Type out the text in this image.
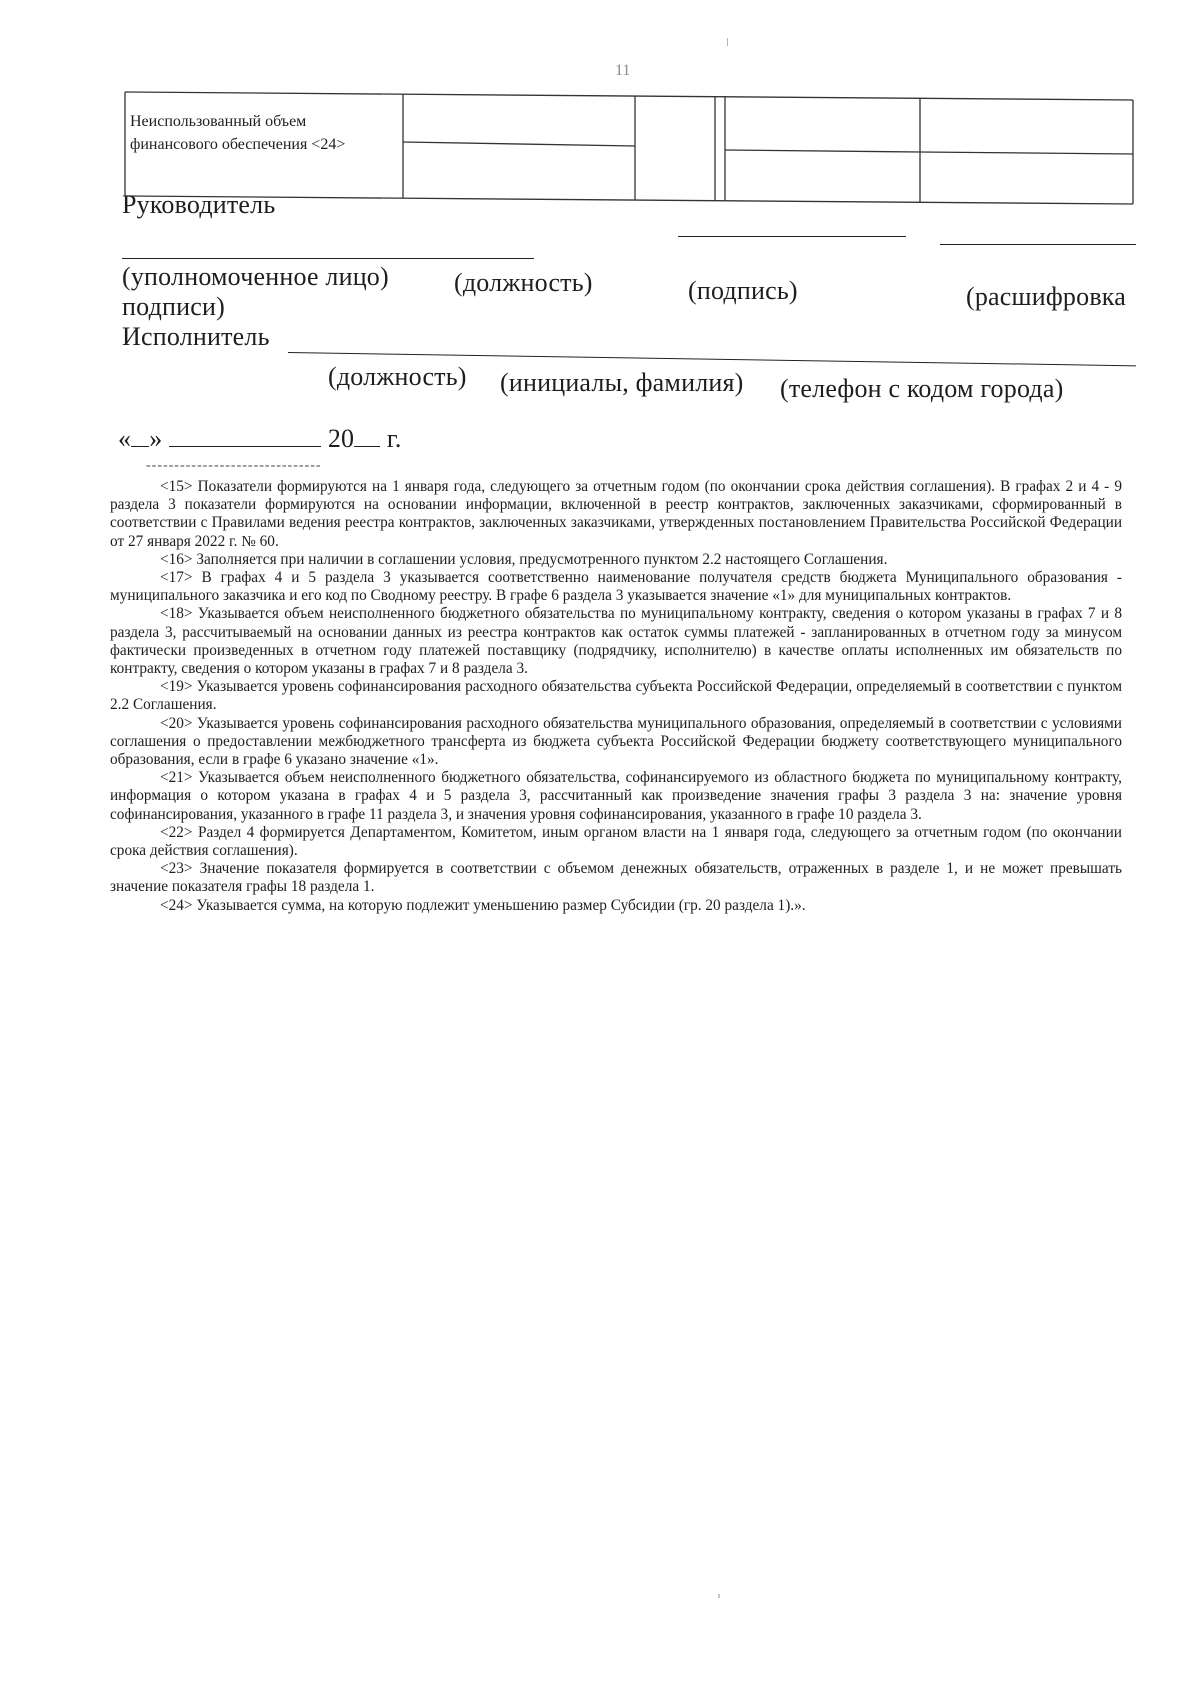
11
Неиспользованный объем финансового обеспечения <24>
Руководитель
(уполномоченное лицо)	(должность)	(подпись)	(расшифровка
подписи)
Исполнитель
(должность) (инициалы, фамилия) (телефон с кодом города)
« »	20 г.
-------------------------------

<15> Показатели формируются на 1 января года, следующего за отчетным годом (по окончании срока действия соглашения). В графах 2 и 4 - 9 раздела 3 показатели формируются на основании информации, включенной в реестр контрактов, заключенных заказчиками, сформированный в соответствии с Правилами ведения реестра контрактов, заключенных заказчиками, утвержденных постановлением Правительства Российской Федерации от 27 января 2022 г. № 60.

<16> Заполняется при наличии в соглашении условия, предусмотренного пунктом 2.2 настоящего Соглашения.

<17> В графах 4 и 5 раздела 3 указывается соответственно наименование получателя средств бюджета Муниципального образования - муниципального заказчика и его код по Сводному реестру. В графе 6 раздела 3 указывается значение «1» для муниципальных контрактов.

<18> Указывается объем неисполненного бюджетного обязательства по муниципальному контракту, сведения о котором указаны в графах 7 и 8 раздела 3, рассчитываемый на основании данных из реестра контрактов как остаток суммы платежей - запланированных в отчетном году за минусом фактически произведенных в отчетном году платежей поставщику (подрядчику, исполнителю) в качестве оплаты исполненных им обязательств по контракту, сведения о котором указаны в графах 7 и 8 раздела 3.

<19> Указывается уровень софинансирования расходного обязательства субъекта Российской Федерации, определяемый в соответствии с пунктом 2.2 Соглашения.

<20> Указывается уровень софинансирования расходного обязательства муниципального образования, определяемый в соответствии с условиями соглашения о предоставлении межбюджетного трансферта из бюджета субъекта Российской Федерации бюджету соответствующего муниципального образования, если в графе 6 указано значение «1».

<21> Указывается объем неисполненного бюджетного обязательства, софинансируемого из областного бюджета по муниципальному контракту, информация о котором указана в графах 4 и 5 раздела 3, рассчитанный как произведение значения графы 3 раздела 3 на: значение уровня софинансирования, указанного в графе 11 раздела 3, и значения уровня софинансирования, указанного в графе 10 раздела 3.

<22> Раздел 4 формируется Департаментом, Комитетом, иным органом власти на 1 января года, следующего за отчетным годом (по окончании срока действия соглашения).

<23> Значение показателя формируется в соответствии с объемом денежных обязательств, отраженных в разделе 1, и не может превышать значение показателя графы 18 раздела 1.

<24> Указывается сумма, на которую подлежит уменьшению размер Субсидии (гр. 20 раздела 1).».
